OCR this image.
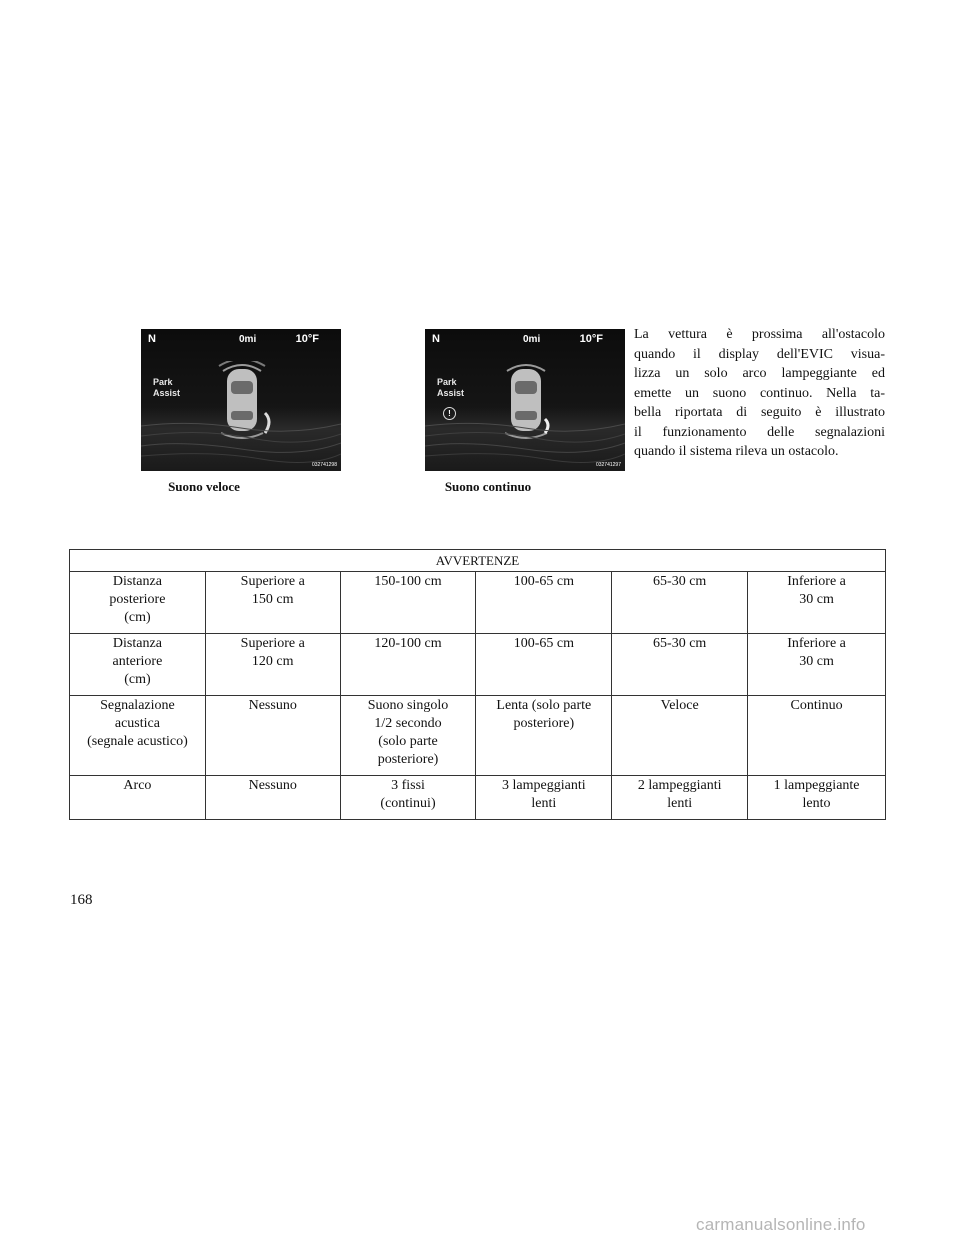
N	0mi	10°F
Park
Assist
032741298
Suono veloce
N	0mi	10°F
Park
Assist
!
032741297
Suono continuo
La vettura è prossima all'ostacolo
quando il display dell'EVIC visua-
lizza un solo arco lampeggiante ed
emette un suono continuo. Nella ta-
bella riportata di seguito è illustrato
il funzionamento delle segnalazioni
quando il sistema rileva un ostacolo.
AVVERTENZE					

Distanza
posteriore
(cm)	Superiore a
150 cm	150-100 cm	100-65 cm	65-30 cm	Inferiore a
30 cm

Distanza
anteriore
(cm)	Superiore a
120 cm	120-100 cm	100-65 cm	65-30 cm	Inferiore a
30 cm

Segnalazione
acustica
(segnale acustico)	Nessuno	Suono singolo
1/2 secondo
(solo parte
posteriore)	Lenta (solo parte
posteriore)	Veloce	Continuo

Arco	Nessuno	3 fissi
(continui)	3 lampeggianti
lenti	2 lampeggianti
lenti	1 lampeggiante
lento
168
carmanualsonline.info
